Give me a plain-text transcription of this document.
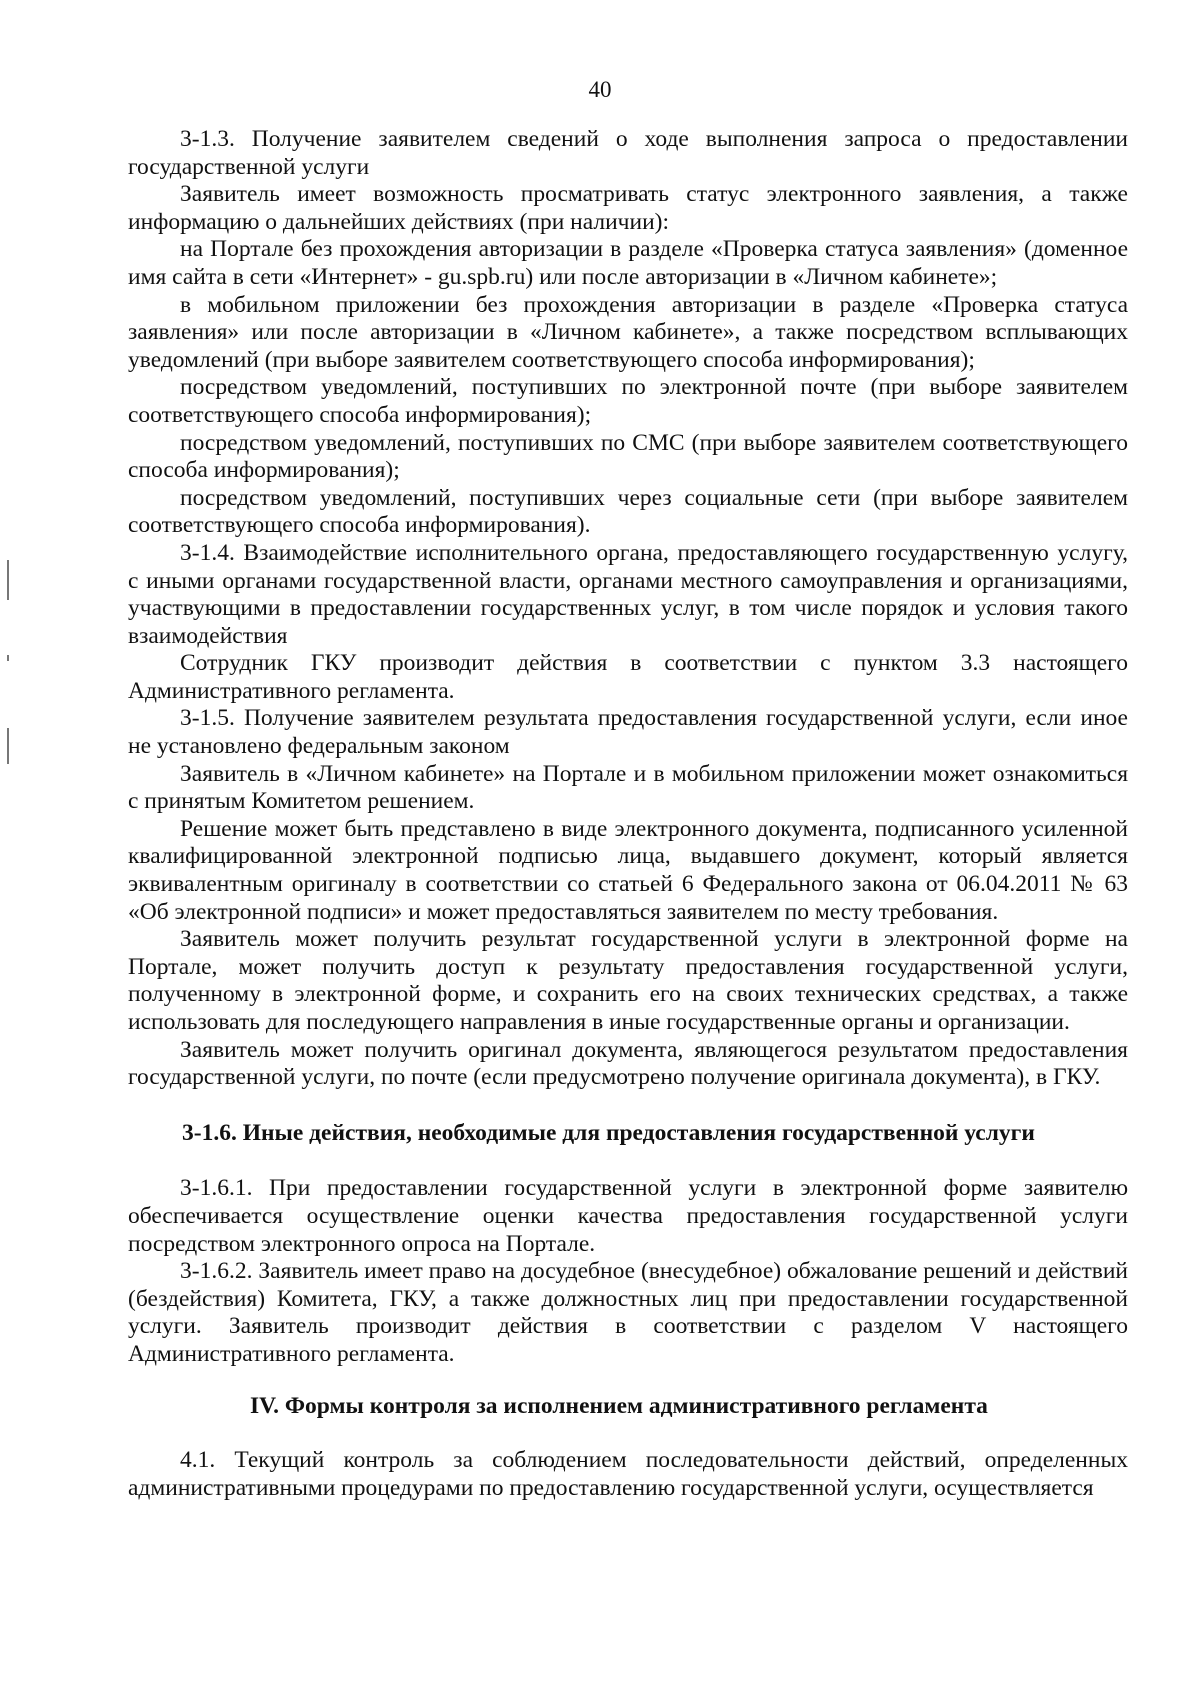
40

3-1.3. Получение заявителем сведений о ходе выполнения запроса о предоставлении государственной услуги

Заявитель имеет возможность просматривать статус электронного заявления, а также информацию о дальнейших действиях (при наличии):

на Портале без прохождения авторизации в разделе «Проверка статуса заявления» (доменное имя сайта в сети «Интернет» - gu.spb.ru) или после авторизации в «Личном кабинете»;

в мобильном приложении без прохождения авторизации в разделе «Проверка статуса заявления» или после авторизации в «Личном кабинете», а также посредством всплывающих уведомлений (при выборе заявителем соответствующего способа информирования);

посредством уведомлений, поступивших по электронной почте (при выборе заявителем соответствующего способа информирования);

посредством уведомлений, поступивших по СМС (при выборе заявителем соответствующего способа информирования);

посредством уведомлений, поступивших через социальные сети (при выборе заявителем соответствующего способа информирования).

3-1.4. Взаимодействие исполнительного органа, предоставляющего государственную услугу, с иными органами государственной власти, органами местного самоуправления и организациями, участвующими в предоставлении государственных услуг, в том числе порядок и условия такого взаимодействия

Сотрудник ГКУ производит действия в соответствии с пунктом 3.3 настоящего Административного регламента.

3-1.5. Получение заявителем результата предоставления государственной услуги, если иное не установлено федеральным законом

Заявитель в «Личном кабинете» на Портале и в мобильном приложении может ознакомиться с принятым Комитетом решением.

Решение может быть представлено в виде электронного документа, подписанного усиленной квалифицированной электронной подписью лица, выдавшего документ, который является эквивалентным оригиналу в соответствии со статьей 6 Федерального закона от 06.04.2011 № 63 «Об электронной подписи» и может предоставляться заявителем по месту требования.

Заявитель может получить результат государственной услуги в электронной форме на Портале, может получить доступ к результату предоставления государственной услуги, полученному в электронной форме, и сохранить его на своих технических средствах, а также использовать для последующего направления в иные государственные органы и организации.

Заявитель может получить оригинал документа, являющегося результатом предоставления государственной услуги, по почте (если предусмотрено получение оригинала документа), в ГКУ.

3-1.6. Иные действия, необходимые для предоставления государственной услуги

3-1.6.1. При предоставлении государственной услуги в электронной форме заявителю обеспечивается осуществление оценки качества предоставления государственной услуги посредством электронного опроса на Портале.

3-1.6.2. Заявитель имеет право на досудебное (внесудебное) обжалование решений и действий (бездействия) Комитета, ГКУ, а также должностных лиц при предоставлении государственной услуги. Заявитель производит действия в соответствии с разделом V настоящего Административного регламента.

IV. Формы контроля за исполнением административного регламента

4.1. Текущий контроль за соблюдением последовательности действий, определенных административными процедурами по предоставлению государственной услуги, осуществляется
